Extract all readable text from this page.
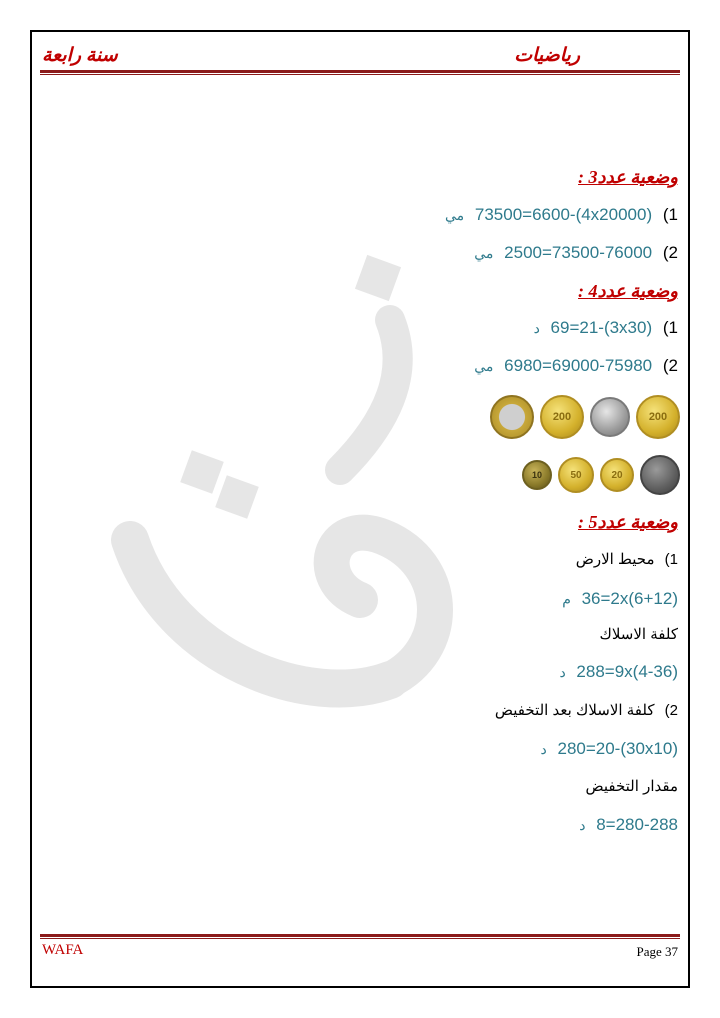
رياضيات
سنة رابعة
وضعية عدد3 :
1) 73500=6600-(4x20000) مي
2) 2500=73500-76000 مي
وضعية عدد4 :
1) 69=21-(3x30) د
2) 6980=69000-75980 مي
200
200
20
50
10
وضعية عدد5 :
1) محيط الارض
36=2x(6+12) م
كلفة الاسلاك
288=9x(4-36) د
2) كلفة الاسلاك بعد التخفيض
280=20-(30x10) د
مقدار التخفيض
8=280-288 د
WAFA	Page 37
